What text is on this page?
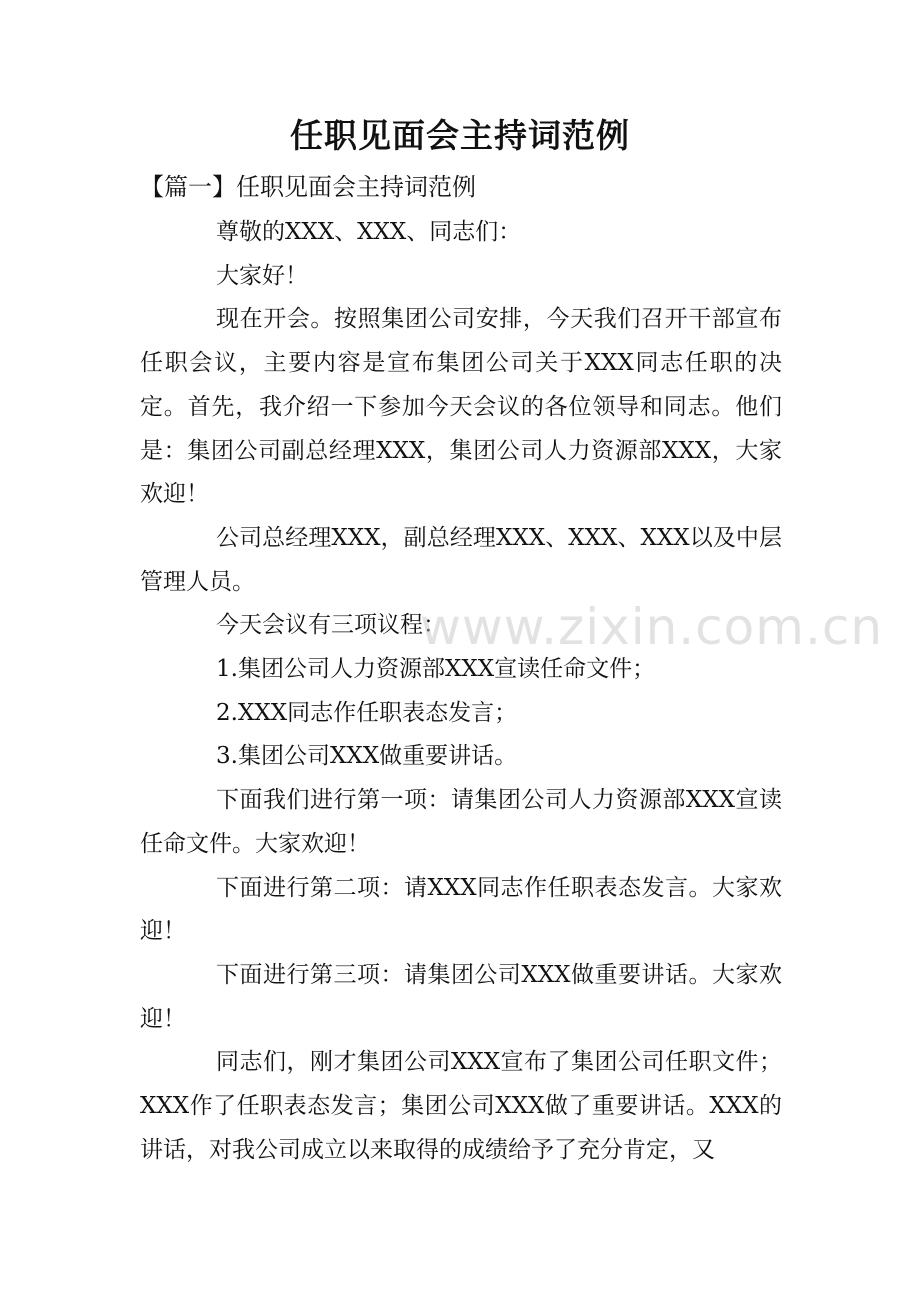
任职见面会主持词范例
【篇一】任职见面会主持词范例

尊敬的XXX、XXX、同志们：

大家好！

现在开会。按照集团公司安排，今天我们召开干部宣布任职会议，主要内容是宣布集团公司关于XXX同志任职的决定。首先，我介绍一下参加今天会议的各位领导和同志。他们是：集团公司副总经理XXX，集团公司人力资源部XXX，大家欢迎！

公司总经理XXX，副总经理XXX、XXX、XXX以及中层管理人员。

今天会议有三项议程：

1.集团公司人力资源部XXX宣读任命文件；

2.XXX同志作任职表态发言；

3.集团公司XXX做重要讲话。

下面我们进行第一项：请集团公司人力资源部XXX宣读任命文件。大家欢迎！

下面进行第二项：请XXX同志作任职表态发言。大家欢迎！

下面进行第三项：请集团公司XXX做重要讲话。大家欢迎！

同志们，刚才集团公司XXX宣布了集团公司任职文件；XXX作了任职表态发言；集团公司XXX做了重要讲话。XXX的讲话，对我公司成立以来取得的成绩给予了充分肯定，又

www.zixin.com.cn
